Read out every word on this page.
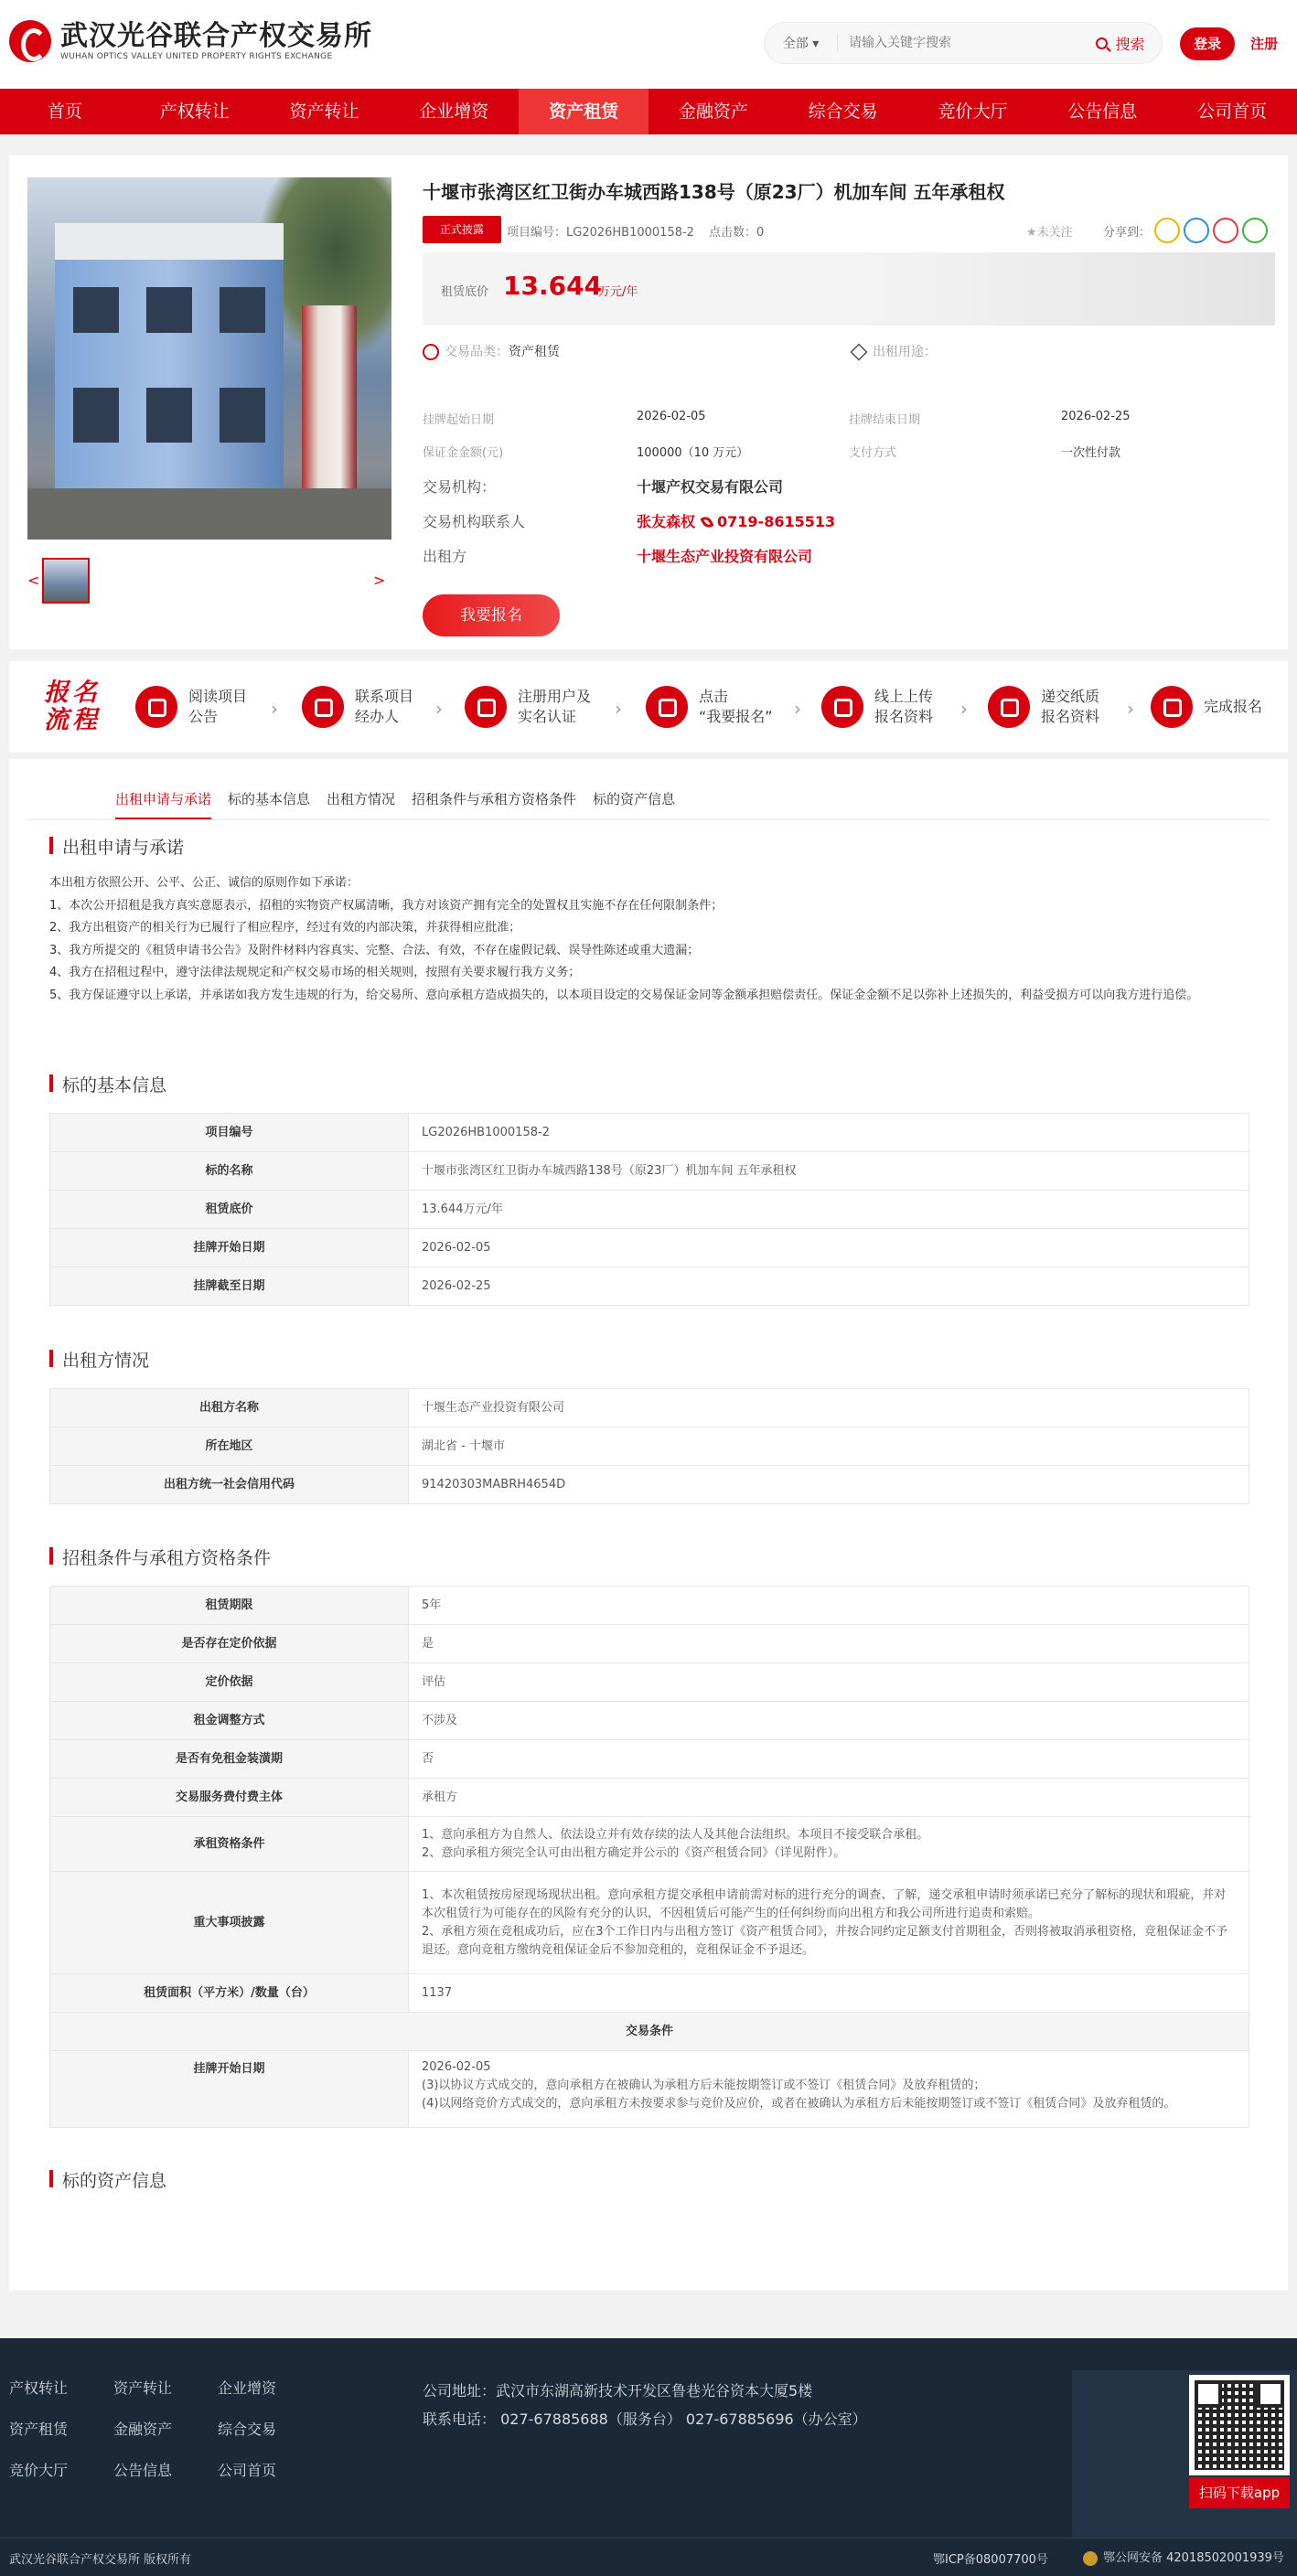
武汉光谷联合产权交易所
WUHAN OPTICS VALLEY UNITED PROPERTY RIGHTS EXCHANGE
全部 ▾
请输入关键字搜索	搜索	登录	注册
首页	产权转让	资产转让	企业增资	资产租赁	金融资产	综合交易	竞价大厅	公告信息	公司首页
<	>
十堰市张湾区红卫街办车城西路138号（原23厂）机加车间 五年承租权
正式披露	项目编号：LG2026HB1000158-2 点击数：0	★未关注	分享到：
租赁底价 13.644
万元/年
交易品类：资产租赁	出租用途：
挂牌起始日期	2026-02-05	挂牌结束日期	2026-02-25
保证金金额(元)	100000（10 万元）	支付方式	一次性付款
交易机构：	十堰产权交易有限公司
交易机构联系人	张友森权 0719-8615513
出租方	十堰生态产业投资有限公司
我要报名
报名
流程
阅读项目
公告	›
联系项目
经办人	›
注册用户及
实名认证	›
点击
“我要报名”	›
线上上传
报名资料	›
递交纸质
报名资料	›	完成报名
出租申请与承诺 标的基本信息 出租方情况 招租条件与承租方资格条件 标的资产信息
出租申请与承诺
本出租方依照公开、公平、公正、诚信的原则作如下承诺：
1、本次公开招租是我方真实意愿表示，招租的实物资产权属清晰，我方对该资产拥有完全的处置权且实施不存在任何限制条件；
2、我方出租资产的相关行为已履行了相应程序，经过有效的内部决策，并获得相应批准；
3、我方所提交的《租赁申请书公告》及附件材料内容真实、完整、合法、有效，不存在虚假记载、误导性陈述或重大遗漏；
4、我方在招租过程中，遵守法律法规规定和产权交易市场的相关规则，按照有关要求履行我方义务；
5、我方保证遵守以上承诺，并承诺如我方发生违规的行为，给交易所、意向承租方造成损失的，以本项目设定的交易保证金同等金额承担赔偿责任。保证金金额不足以弥补上述损失的，利益受损方可以向我方进行追偿。
标的基本信息
项目编号	LG2026HB1000158-2
标的名称	十堰市张湾区红卫街办车城西路138号（原23厂）机加车间 五年承租权
租赁底价	13.644万元/年
挂牌开始日期	2026-02-05
挂牌截至日期	2026-02-25
出租方情况
出租方名称	十堰生态产业投资有限公司
所在地区	湖北省 - 十堰市
出租方统一社会信用代码	91420303MABRH4654D
招租条件与承租方资格条件
租赁期限	5年
是否存在定价依据	是
定价依据	评估
租金调整方式	不涉及
是否有免租金装潢期	否
交易服务费付费主体	承租方
承租资格条件	1、意向承租方为自然人、依法设立并有效存续的法人及其他合法组织。本项目不接受联合承租。
2、意向承租方须完全认可由出租方确定并公示的《资产租赁合同》（详见附件）。

重大事项披露	1、本次租赁按房屋现场现状出租。意向承租方提交承租申请前需对标的进行充分的调查、了解，递交承租申请时须承诺已充分了解标的现状和瑕疵，并对本次租赁行为可能存在的风险有充分的认识，不因租赁后可能产生的任何纠纷而向出租方和我公司所进行追责和索赔。
2、承租方须在竞租成功后，应在3个工作日内与出租方签订《资产租赁合同》，并按合同约定足额支付首期租金，否则将被取消承租资格，竞租保证金不予退还。意向竞租方缴纳竞租保证金后不参加竞租的，竞租保证金不予退还。

租赁面积（平方米）/数量（台）	1137
交易条件	
挂牌开始日期	2026-02-05
(3)以协议方式成交的，意向承租方在被确认为承租方后未能按期签订或不签订《租赁合同》及放弃租赁的；
(4)以网络竞价方式成交的，意向承租方未按要求参与竞价及应价，或者在被确认为承租方后未能按期签订或不签订《租赁合同》及放弃租赁的。
标的资产信息
产权转让	资产转让	企业增资
资产租赁	金融资产	综合交易
竞价大厅	公告信息	公司首页
公司地址：武汉市东湖高新技术开发区鲁巷光谷资本大厦5楼
联系电话： 027-67885688（服务台） 027-67885696（办公室）
扫码下载app
武汉光谷联合产权交易所 版权所有	鄂ICP备08007700号	鄂公网安备 42018502001939号
